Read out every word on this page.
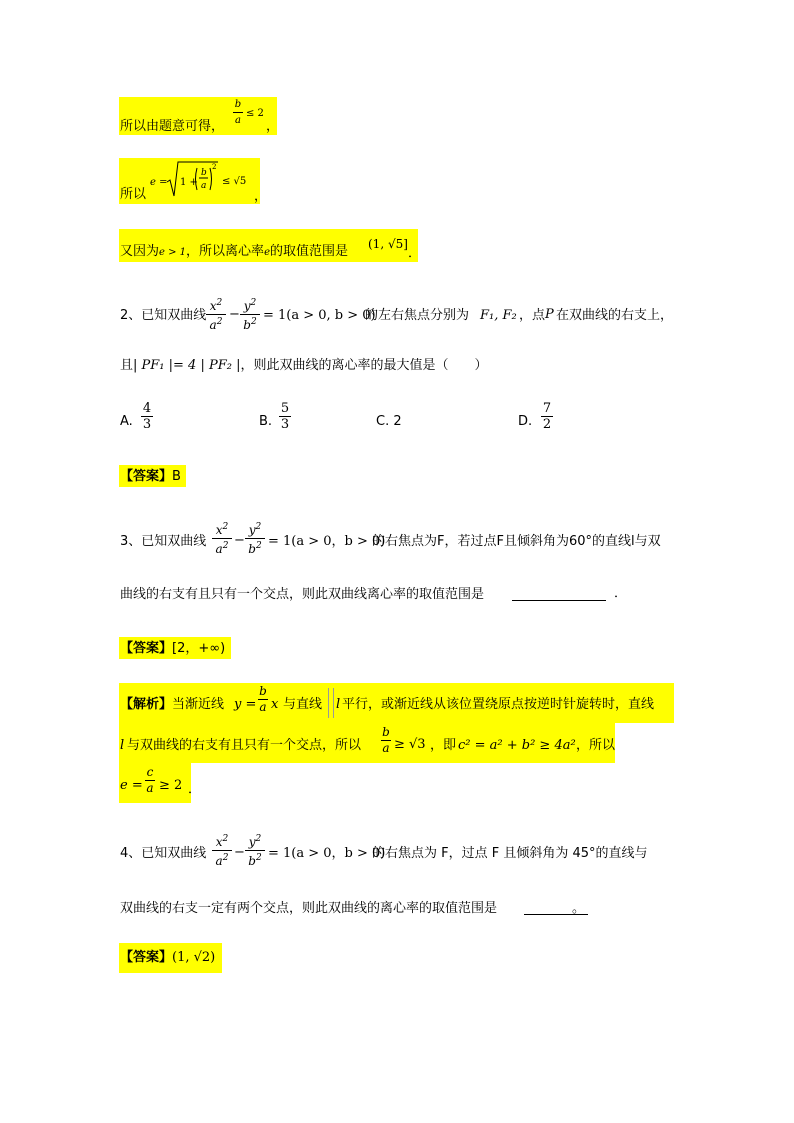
所以由题意可得，
b
a
≤ 2
，
所以
e = 1 +
b
a
2
≤ √5
，
又因为e > 1，所以离心率e的取值范围是 (1, √5]
．
2、已知双曲线
$x^2$
$a^2$ −
$y^2$
$b^2 = 1(a > 0$, b > 0)
的左右焦点分别为 F₁, F₂ ，点 P 在双曲线的右支上，
且| PF₁ |= 4 | PF₂ |，则此双曲线的离心率的最大值是（　　）
A.
4
3	B.
5
3	C. 2	D.
7
2
【答案】B
3、已知双曲线
$x^2$
$a^2$ −
$y^2$
$b^2 = 1(a > 0$，b > 0)
的右焦点为F，若过点F且倾斜角为60°的直线l与双
曲线的右支有且只有一个交点，则此双曲线离心率的取值范围是	．
【答案】[2，+∞)
【解析】当渐近线 y =
b
a x 与直线 l 平行，或渐近线从该位置绕原点按逆时针旋转时，直线
l 与双曲线的右支有且只有一个交点，所以
b
a ≥ √3 ，即 c² = a² + b² ≥ 4a² ，所以
e =
c
a ≥ 2 ．
4、已知双曲线
$x^2$
$a^2$ −
$y^2$
$b^2 = 1(a > 0$，b > 0)
的右焦点为 F，过点 F 且倾斜角为 45°的直线与
双曲线的右支一定有两个交点，则此双曲线的离心率的取值范围是	。
【答案】(1, √2)
